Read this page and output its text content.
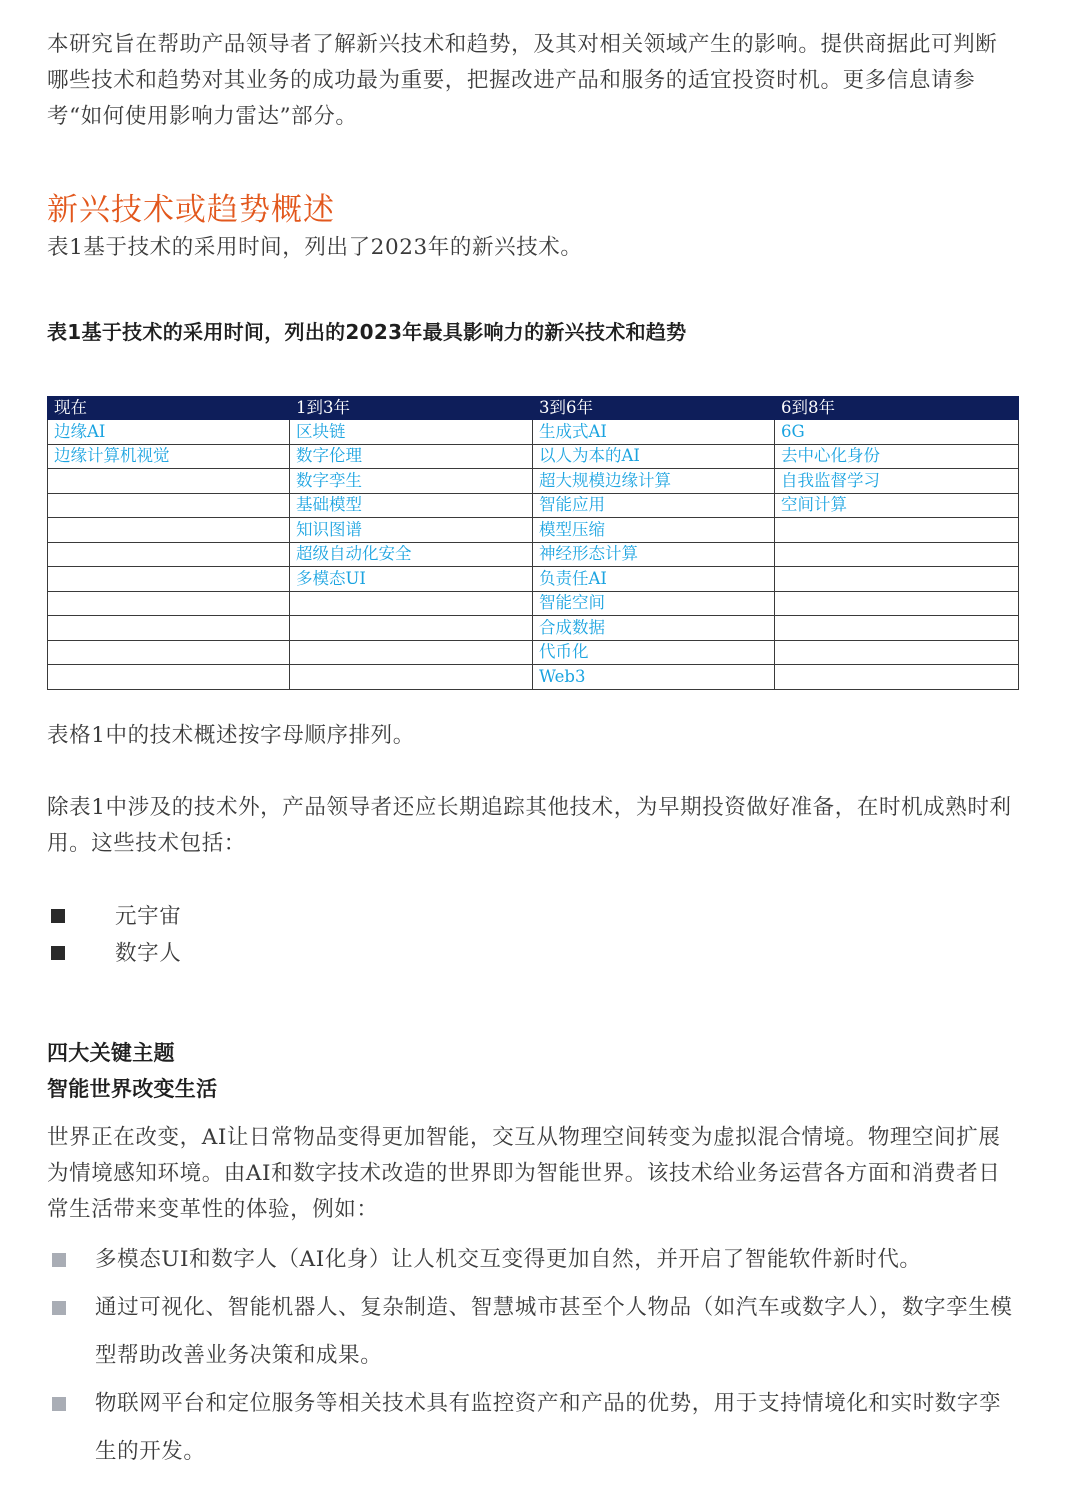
本研究旨在帮助产品领导者了解新兴技术和趋势，及其对相关领域产生的影响。提供商据此可判断哪些技术和趋势对其业务的成功最为重要，把握改进产品和服务的适宜投资时机。更多信息请参考“如何使用影响力雷达”部分。

新兴技术或趋势概述

表1基于技术的采用时间，列出了2023年的新兴技术。

表1基于技术的采用时间，列出的2023年最具影响力的新兴技术和趋势

现在	1到3年	3到6年	6到8年
边缘AI	区块链	生成式AI	6G
边缘计算机视觉	数字伦理	以人为本的AI	去中心化身份
	数字孪生	超大规模边缘计算	自我监督学习
	基础模型	智能应用	空间计算
	知识图谱	模型压缩	
	超级自动化安全	神经形态计算	
	多模态UI	负责任AI	
		智能空间	
		合成数据	
		代币化	
		Web3	

表格1中的技术概述按字母顺序排列。

除表1中涉及的技术外，产品领导者还应长期追踪其他技术，为早期投资做好准备，在时机成熟时利用。这些技术包括：

元宇宙
数字人

四大关键主题

智能世界改变生活

世界正在改变，AI让日常物品变得更加智能，交互从物理空间转变为虚拟混合情境。物理空间扩展为情境感知环境。由AI和数字技术改造的世界即为智能世界。该技术给业务运营各方面和消费者日常生活带来变革性的体验，例如：

多模态UI和数字人（AI化身）让人机交互变得更加自然，并开启了智能软件新时代。
通过可视化、智能机器人、复杂制造、智慧城市甚至个人物品（如汽车或数字人），数字孪生模型帮助改善业务决策和成果。
物联网平台和定位服务等相关技术具有监控资产和产品的优势，用于支持情境化和实时数字孪生的开发。
